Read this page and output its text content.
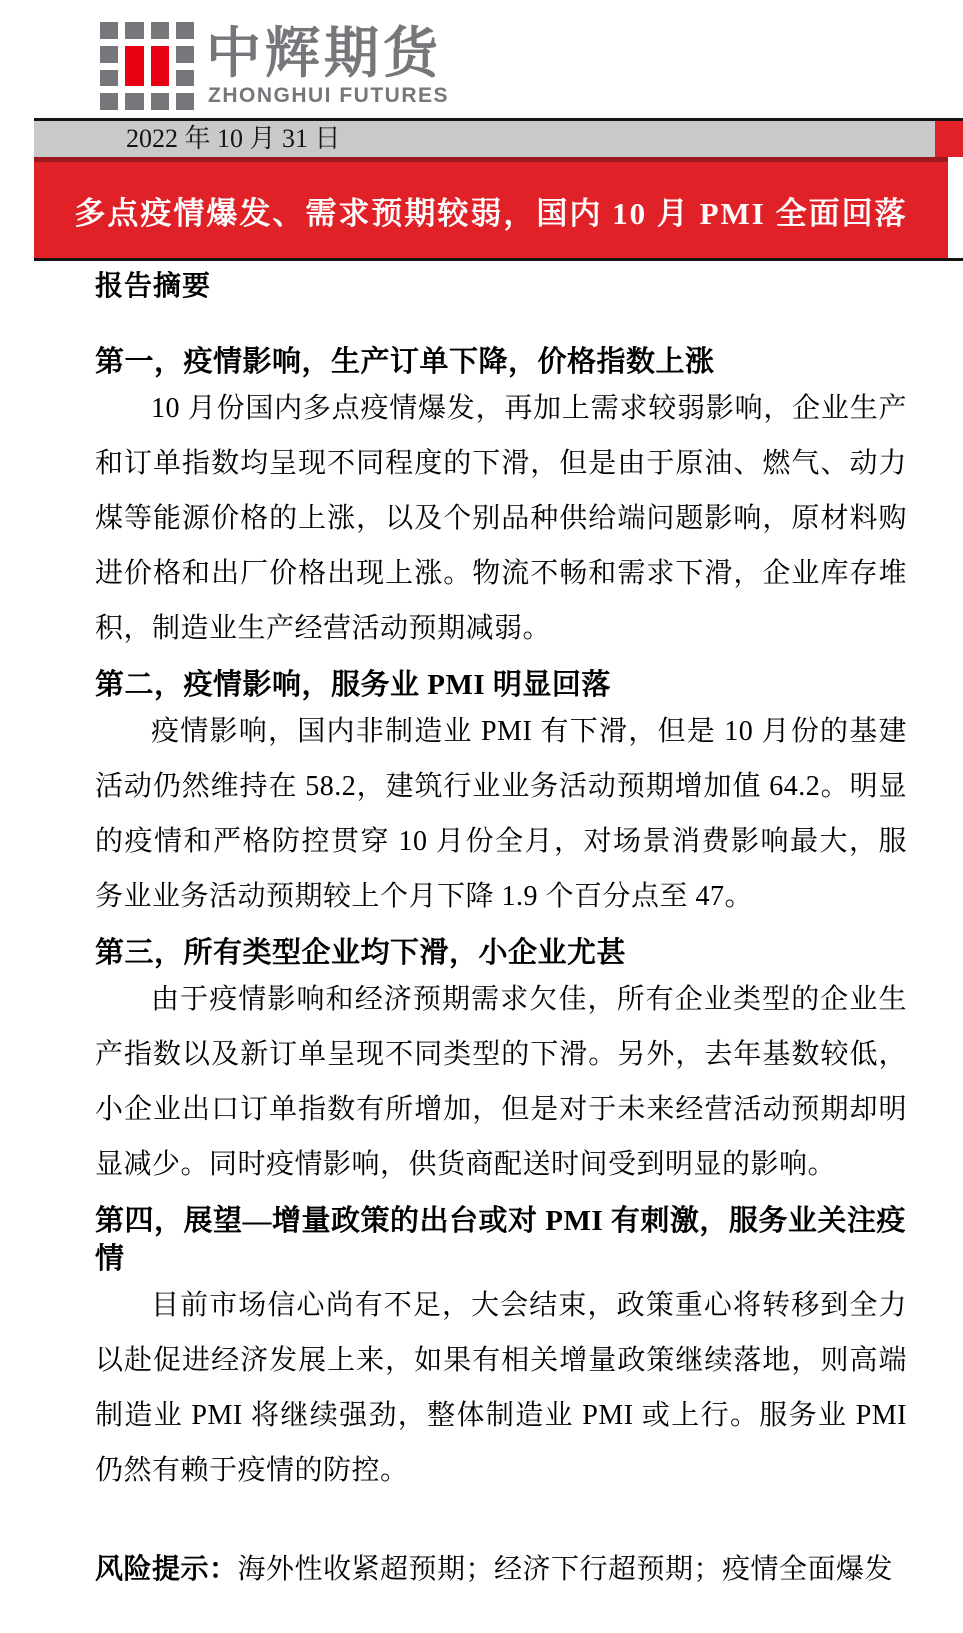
中辉期货
ZHONGHUI FUTURES
2022 年 10 月 31 日
多点疫情爆发、需求预期较弱，国内 10 月 PMI 全面回落
报告摘要
第一，疫情影响，生产订单下降，价格指数上涨

10 月份国内多点疫情爆发，再加上需求较弱影响，企业生产和订单指数均呈现不同程度的下滑，但是由于原油、燃气、动力煤等能源价格的上涨，以及个别品种供给端问题影响，原材料购进价格和出厂价格出现上涨。物流不畅和需求下滑，企业库存堆积，制造业生产经营活动预期减弱。

第二，疫情影响，服务业 PMI 明显回落

疫情影响，国内非制造业 PMI 有下滑，但是 10 月份的基建活动仍然维持在 58.2，建筑行业业务活动预期增加值 64.2。明显的疫情和严格防控贯穿 10 月份全月，对场景消费影响最大，服务业业务活动预期较上个月下降 1.9 个百分点至 47。

第三，所有类型企业均下滑，小企业尤甚

由于疫情影响和经济预期需求欠佳，所有企业类型的企业生产指数以及新订单呈现不同类型的下滑。另外，去年基数较低，小企业出口订单指数有所增加，但是对于未来经营活动预期却明显减少。同时疫情影响，供货商配送时间受到明显的影响。

第四，展望—增量政策的出台或对 PMI 有刺激，服务业关注疫情

目前市场信心尚有不足，大会结束，政策重心将转移到全力以赴促进经济发展上来，如果有相关增量政策继续落地，则高端制造业 PMI 将继续强劲，整体制造业 PMI 或上行。服务业 PMI 仍然有赖于疫情的防控。

风险提示：海外性收紧超预期；经济下行超预期；疫情全面爆发
